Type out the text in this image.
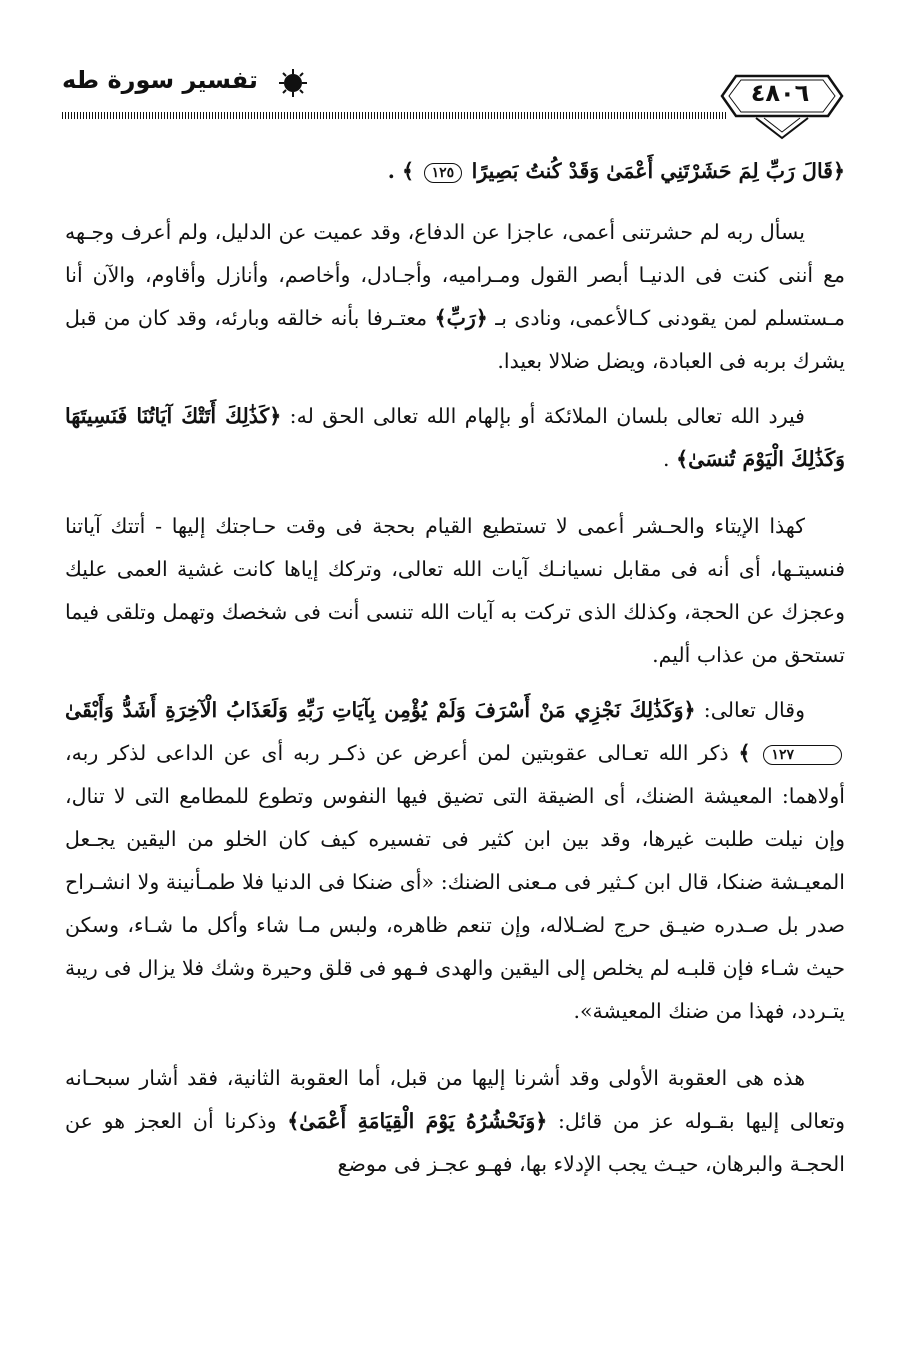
تفسير سورة طه	٤٨٠٦

﴿قَالَ رَبِّ لِمَ حَشَرْتَنِي أَعْمَىٰ وَقَدْ كُنتُ بَصِيرًا ١٢٥ ﴾ .

يسأل ربه لم حشرتنى أعمى، عاجزا عن الدفاع، وقد عميت عن الدليل، ولم أعرف وجـهه مع أننى كنت فى الدنيـا أبصر القول ومـراميه، وأجـادل، وأخاصم، وأنازل وأقاوم، والآن أنا مـستسلم لمن يقودنى كـالأعمى، ونادى بـ ﴿رَبِّ﴾ معتـرفا بأنه خالقه وبارئه، وقد كان من قبل يشرك بربه فى العبادة، ويضل ضلالا بعيدا.

فيرد الله تعالى بلسان الملائكة أو بإلهام الله تعالى الحق له: ﴿كَذَٰلِكَ أَتَتْكَ آيَاتُنَا فَنَسِيتَهَا وَكَذَٰلِكَ الْيَوْمَ تُنسَىٰ﴾ .

كهذا الإيتاء والحـشر أعمى لا تستطيع القيام بحجة فى وقت حـاجتك إليها - أتتك آياتنا فنسيتـها، أى أنه فى مقابل نسيانـك آيات الله تعالى، وتركك إياها كانت غشية العمى عليك وعجزك عن الحجة، وكذلك الذى تركت به آيات الله تنسى أنت فى شخصك وتهمل وتلقى فيما تستحق من عذاب أليم.

وقال تعالى: ﴿وَكَذَٰلِكَ نَجْزِي مَنْ أَسْرَفَ وَلَمْ يُؤْمِن بِآيَاتِ رَبِّهِ وَلَعَذَابُ الْآخِرَةِ أَشَدُّ وَأَبْقَىٰ ١٢٧ ﴾ ذكر الله تعـالى عقوبتين لمن أعرض عن ذكـر ربه أى عن الداعى لذكر ربه، أولاهما: المعيشة الضنك، أى الضيقة التى تضيق فيها النفوس وتطوع للمطامع التى لا تنال، وإن نيلت طلبت غيرها، وقد بين ابن كثير فى تفسيره كيف كان الخلو من اليقين يجـعل المعيـشة ضنكا، قال ابن كـثير فى مـعنى الضنك: «أى ضنكا فى الدنيا فلا طمـأنينة ولا انشـراح صدر بل صـدره ضيـق حرج لضـلاله، وإن تنعم ظاهره، ولبس مـا شاء وأكل ما شـاء، وسكن حيث شـاء فإن قلبـه لم يخلص إلى اليقين والهدى فـهو فى قلق وحيرة وشك فلا يزال فى ريبة يتـردد، فهذا من ضنك المعيشة».

هذه هى العقوبة الأولى وقد أشرنا إليها من قبل، أما العقوبة الثانية، فقد أشار سبحـانه وتعالى إليها بقـوله عز من قائل: ﴿وَنَحْشُرُهُ يَوْمَ الْقِيَامَةِ أَعْمَىٰ﴾ وذكرنا أن العجز هو عن الحجـة والبرهان، حيـث يجب الإدلاء بها، فهـو عجـز فى موضع
